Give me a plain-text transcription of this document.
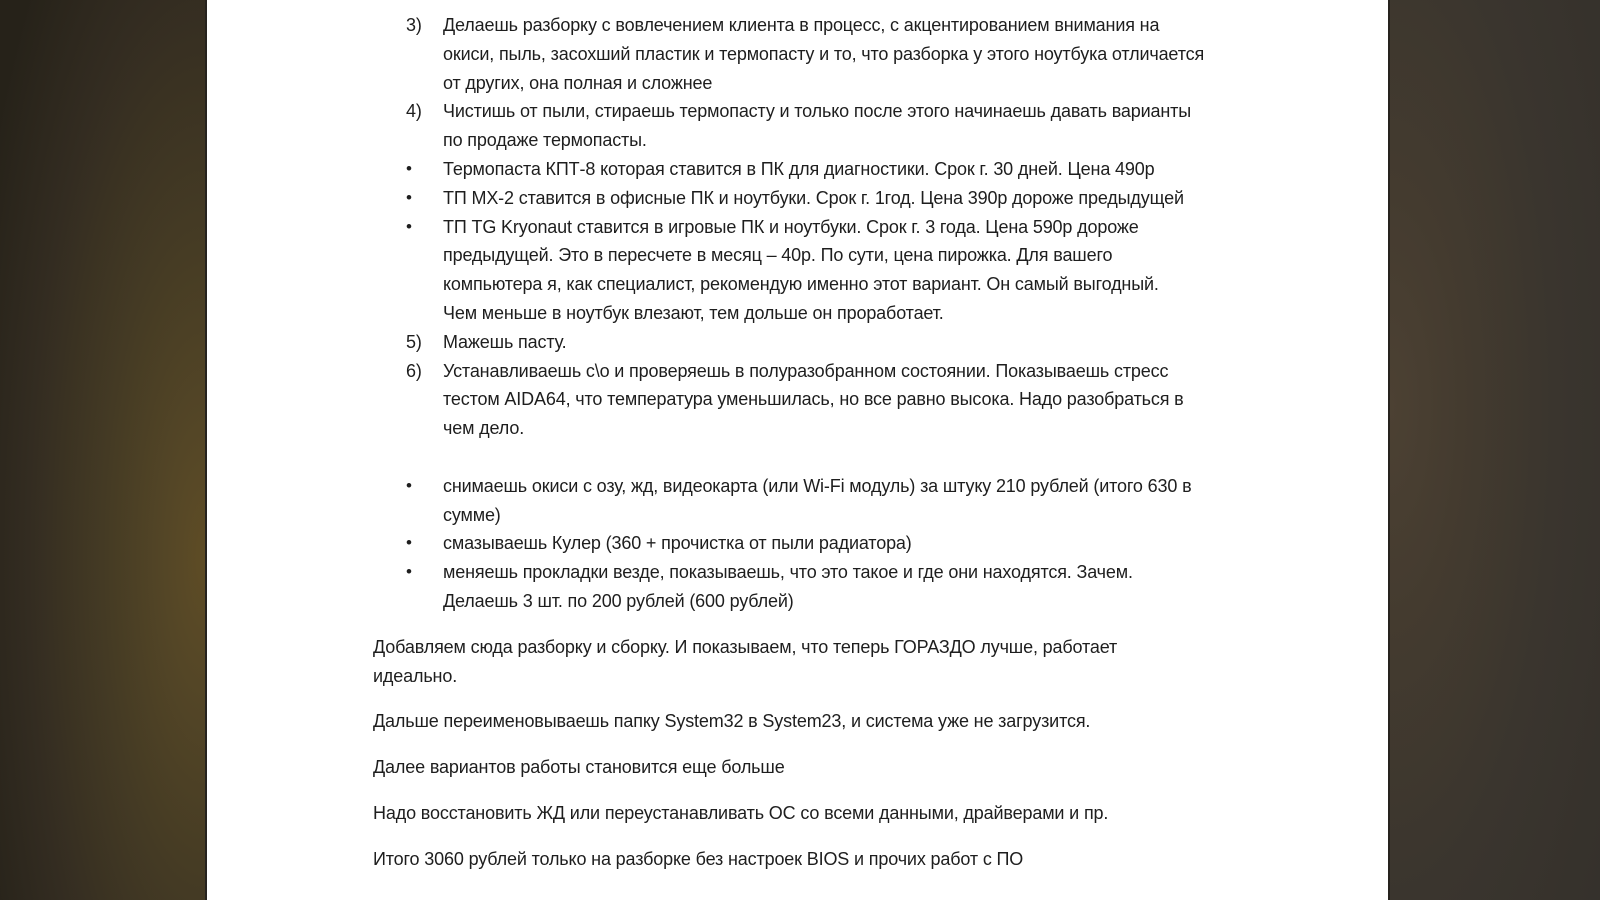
3)	Делаешь разборку с вовлечением клиента в процесс, с акцентированием внимания на
окиси, пыль, засохший пластик и термопасту и то, что разборка у этого ноутбука отличается
от других, она полная и сложнее
4)	Чистишь от пыли, стираешь термопасту и только после этого начинаешь давать варианты
по продаже термопасты.
•	Термопаста КПТ-8 которая ставится в ПК для диагностики. Срок г. 30 дней. Цена 490р
•	ТП MX-2 ставится в офисные ПК и ноутбуки. Срок г. 1год. Цена 390р дороже предыдущей
•	ТП TG Kryonaut ставится в игровые ПК и ноутбуки. Срок г. 3 года. Цена 590р дороже
предыдущей. Это в пересчете в месяц – 40р. По сути, цена пирожка. Для вашего
компьютера я, как специалист, рекомендую именно этот вариант. Он самый выгодный.
Чем меньше в ноутбук влезают, тем дольше он проработает.
5)	Мажешь пасту.
6)	Устанавливаешь с\о и проверяешь в полуразобранном состоянии. Показываешь стресс
тестом AIDA64, что температура уменьшилась, но все равно высока. Надо разобраться в
чем дело.
•	снимаешь окиси с озу, жд, видеокарта (или Wi-Fi модуль) за штуку 210 рублей (итого 630 в
сумме)
•	смазываешь Кулер (360 + прочистка от пыли радиатора)
•	меняешь прокладки везде, показываешь, что это такое и где они находятся. Зачем.
Делаешь 3 шт. по 200 рублей (600 рублей)
Добавляем сюда разборку и сборку. И показываем, что теперь ГОРАЗДО лучше, работает
идеально.
Дальше переименовываешь папку System32 в System23, и система уже не загрузится.
Далее вариантов работы становится еще больше
Надо восстановить ЖД или переустанавливать ОС со всеми данными, драйверами и пр.
Итого 3060 рублей только на разборке без настроек BIOS и прочих работ с ПО
